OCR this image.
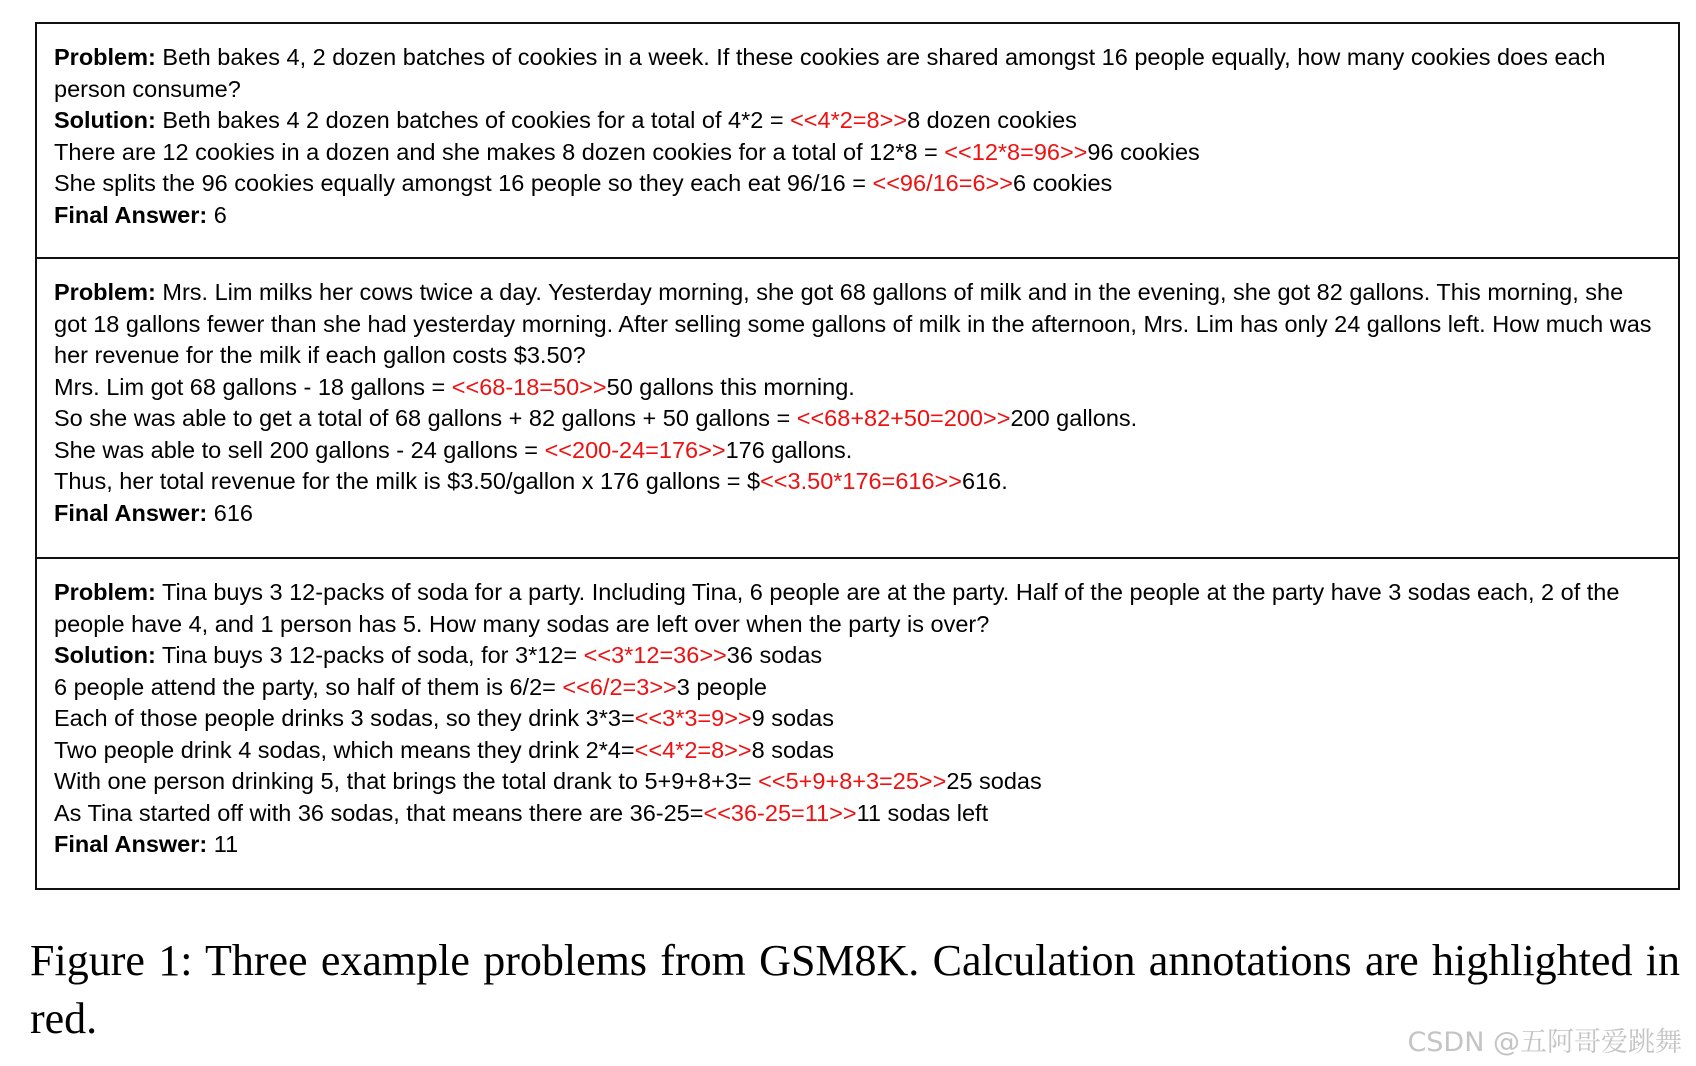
Problem: Beth bakes 4, 2 dozen batches of cookies in a week. If these cookies are shared amongst 16 people equally, how many cookies does each person consume?
Solution: Beth bakes 4 2 dozen batches of cookies for a total of 4*2 = <<4*2=8>>8 dozen cookies
There are 12 cookies in a dozen and she makes 8 dozen cookies for a total of 12*8 = <<12*8=96>>96 cookies
She splits the 96 cookies equally amongst 16 people so they each eat 96/16 = <<96/16=6>>6 cookies
Final Answer: 6
Problem: Mrs. Lim milks her cows twice a day. Yesterday morning, she got 68 gallons of milk and in the evening, she got 82 gallons. This morning, she got 18 gallons fewer than she had yesterday morning. After selling some gallons of milk in the afternoon, Mrs. Lim has only 24 gallons left. How much was her revenue for the milk if each gallon costs $3.50?
Mrs. Lim got 68 gallons - 18 gallons = <<68-18=50>>50 gallons this morning.
So she was able to get a total of 68 gallons + 82 gallons + 50 gallons = <<68+82+50=200>>200 gallons.
She was able to sell 200 gallons - 24 gallons = <<200-24=176>>176 gallons.
Thus, her total revenue for the milk is $3.50/gallon x 176 gallons = $<<3.50*176=616>>616.
Final Answer: 616
Problem: Tina buys 3 12-packs of soda for a party. Including Tina, 6 people are at the party. Half of the people at the party have 3 sodas each, 2 of the people have 4, and 1 person has 5. How many sodas are left over when the party is over?
Solution: Tina buys 3 12-packs of soda, for 3*12= <<3*12=36>>36 sodas
6 people attend the party, so half of them is 6/2= <<6/2=3>>3 people
Each of those people drinks 3 sodas, so they drink 3*3=<<3*3=9>>9 sodas
Two people drink 4 sodas, which means they drink 2*4=<<4*2=8>>8 sodas
With one person drinking 5, that brings the total drank to 5+9+8+3= <<5+9+8+3=25>>25 sodas
As Tina started off with 36 sodas, that means there are 36-25=<<36-25=11>>11 sodas left
Final Answer: 11
Figure 1: Three example problems from GSM8K. Calculation annotations are highlighted in red.	CSDN @五阿哥爱跳舞
